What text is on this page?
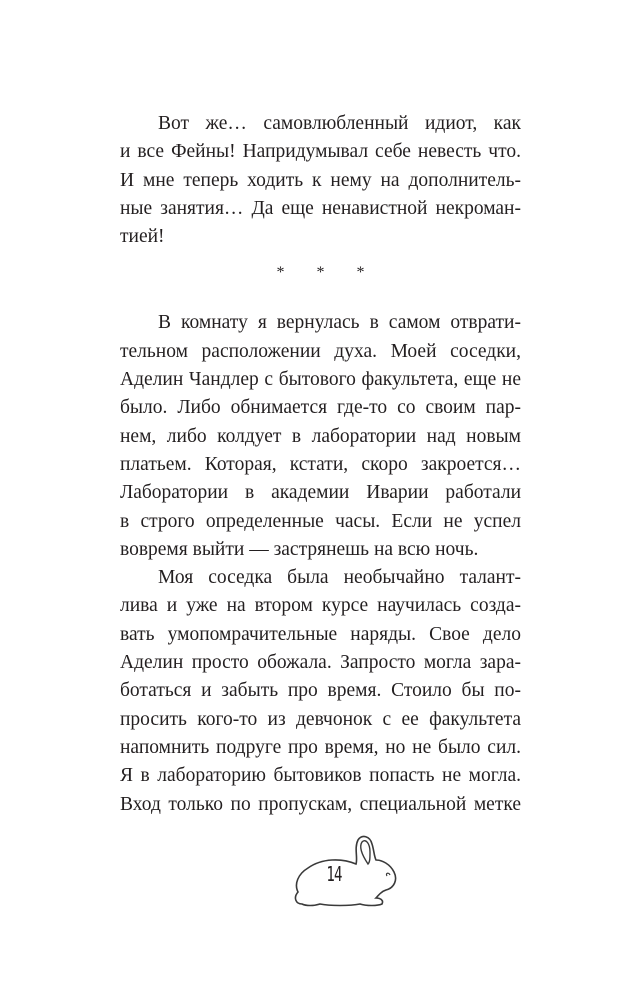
Вот же… самовлюбленный идиот, как
и все Фейны! Напридумывал себе невесть что.
И мне теперь ходить к нему на дополнитель-
ные занятия… Да еще ненавистной некроман-
тией!
* * *
В комнату я вернулась в самом отврати-
тельном расположении духа. Моей соседки,
Аделин Чандлер с бытового факультета, еще не
было. Либо обнимается где-то со своим пар-
нем, либо колдует в лаборатории над новым
платьем. Которая, кстати, скоро закроется…
Лаборатории в академии Иварии работали
в строго определенные часы. Если не успел
вовремя выйти — застрянешь на всю ночь.
Моя соседка была необычайно талант-
лива и уже на втором курсе научилась созда-
вать умопомрачительные наряды. Свое дело
Аделин просто обожала. Запросто могла зара-
ботаться и забыть про время. Стоило бы по-
просить кого-то из девчонок с ее факультета
напомнить подруге про время, но не было сил.
Я в лабораторию бытовиков попасть не могла.
Вход только по пропускам, специальной метке
14
